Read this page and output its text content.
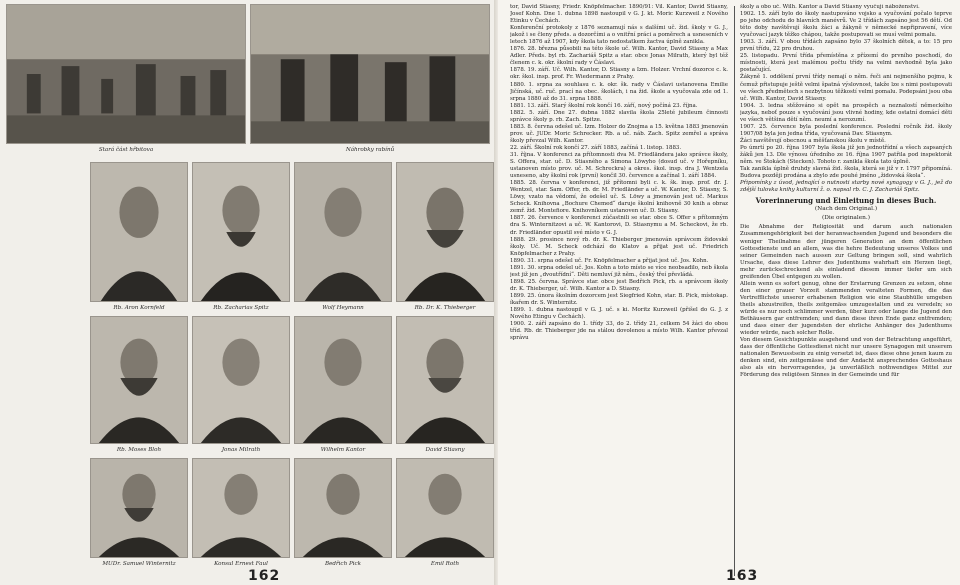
Stará část hřbitova	Náhrobky rabínů
Rb. Aron Kornfeld	Rb. Zacharias Spitz	Wolf Heymann	Rb. Dr. K. Thieberger
Rb. Moses Bloh	Jonas Milrath	Wilhelm Kantor	David Stiasny
MUDr. Samuel Winternitz	Konsul Ernest Faul	Bedřich Pick	Emil Roth
162

tor, David Stiasny, Friedr. Knöpfelmacher. 1890/91: Vil. Kantor, David Stiasny, Josef Kohn. Dne 1. dubna 1898 nastoupil v G. J. kt. Moric Kurzweil z Nového Etinku v Čechách.

Konferenční protokoly z 1876 seznamují nás s dalšími uč. žid. školy v G. J., jakož i se členy předs. a dozorčími a o vnitřní práci a poměrech a usneseních v letech 1876 až 1907, kdy škola tato nedostatkem žactva úplně zanikla.

1876. 28. března působili na této škole uč. Wilh. Kantor, David Stiasny a Max Adler. Předs. byl rb. Zachariáš Spitz a star. obce Jonas Milrath, který byl též členem c. k. okr. školní rady v Čáslavi.

1878. 19. září. Uč. Wilh. Kantor, D. Stiasny a Izm. Holzer. Vrchní dozorce c. k. okr. škol. insp. prof. Fr. Wiedermann z Prahy.

1880. 1. srpna za souhlasu c. k. okr. šk. rady v Čáslavi ustanovena Emilie Jičínská, uč. ruč. prací na obec. školách, i na žid. škole a vyučovala zde od 1. srpna 1880 až do 31. srpna 1888.

1881. 13. září. Starý školní rok končí 16. září, nový počíná 23. října.

1882. 5. září. Dne 27. dubna 1882 slavila škola 25leté jubileum činnosti správce školy p. rb. Zach. Spitze.

1883. 8. června odešel uč. Izm. Holzer do Znojma a 15. května 1883 jmenován prov. uč. JUDr. Moric Schrecker. Rb. a uč. náb. Zach. Spitz zemřel a správa školy převzal Wilh. Kantor.

22. září. Školní rok končí 27. září 1883, začíná 1. listop. 1883.

31. října. V konferenci za přítomnosti dva M. Friedländera jako správce školy, S. Offera, star. uč. D. Stiasného a Simona Löwyho (dosud uč. v Hořepníku, ustanoven místo prov. uč. M. Schreckra) a okres. škol. insp. dra J. Wentzela usneseno, aby školní rok (první) končil 30. července a začínal 1. září 1884.

1885. 28. června v konferenci, již přítomni byli c. k. šk. insp. prof. dr. J. Wentzel, star. Sam. Offer, rb. dr. M. Friedländer a uč. W. Kantor, D. Stiasny, S. Löwy, vzato na vědomí, že odešel uč. S. Löwy a jmenován jest uč. Markus Scheck. Knihovna „Bochure Chemed“ daruje školní knihovně 30 knih a obraz zemř. žid. Montefiore. Knihovníkem ustanoven uč. D. Stiasny.

1887. 26. července v konferenci zúčastnili se star. obce S. Offer s přítomným dra S. Winternitzovi a uč. W. Kantorovi, D. Stiasnymu a M. Scheckovi, že rb. dr. Friedländer opustil své místo v G. J.

1888. 29. prosince nový rb. dr. K. Thieberger jmenován správcem židovské školy. Uč. M. Scheck odchází do Klatov a přijat jest uč. Friedrich Knöpfelmacher z Prahy.

1890. 31. srpna odešel uč. Fr. Knöpfelmacher a přijat jest uč. Jos. Kohn.

1891. 30. srpna odešel uč. Jos. Kohn a toto místo se více neobsadilo, neb škola jest již jen „dvoutřídní“. Děti nemluví již něm., český třeí převládá.

1898. 25. června. Správce star. obce jest Bedřich Pick, rb. a správcem školy dr. K. Thieberger, uč. Wilh. Kantor a D. Stiasny.

1899. 25. února školním dozorcem jest Siegfried Kohn, star. B. Pick, místokap. íkařem dr. S. Winternitz.

1899. 1. dubna nastoupil v G. J. uč. s ki. Moritz Kurzweil (přišel do G. J. z Nového Etingu v Čechách).

1900. 2. září zapsáno do 1. třídy 33, do 2. třídy 21, celkem 54 žáci do obou tříd. Rb. dr. Thieberger jde na stálou dovolenou a místo Wilh. Kantor převzal správu

školy a obo uč. Wilh. Kantor a David Stiasny vyučují náboženství.

1902. 15. září bylo do školy nastupováno vojsko a vyučování počalo teprve po jeho odchodu do hlavních manévrů. Ve 2 třídách zapsáno jest 56 dětí. Od této doby navštěvují školu žáci a žákyně v německé nepřipravení, více vyučovací jazyk těžko chápou, takže postupovati se musí velmi pomalu.

1903. 3. září. V obou třídách zapsáno bylo 37 školních dětek, a to: 15 pro první třídu, 22 pro druhou.

25. listopadu. První třída přemístěna z přízemí do prvního poschodí, do místnosti, která jest malémou počtu třídy na velmi nevhodně byla jako postačující.

Žákyně 1. oddělení první třídy nemají o něm. řeči ani nejmenšího pojmu, k čemuž přistupuje ještě velmi špatná výslovnost, takže lze s nimi postupovati ve všech předmětech s nezbytnou těžkostí velmi pomalu. Podepsáni jsou oba uč. Wilh. Kantor, David Stiasny.

1904. 3. ledna stěžováno si opět na prospěch a neznalostí německého jazyka, neboť pouze s vyučování jsou vlivné hodiny, kde ostatní domácí děti ve všech většina dětí něm. neumí a nerozumí.

1907. 25. července byla poslední konference. Poslední ročník žid. školy 1907/08 byla jen jedna třída, vyučovaná Dav. Stiasnym.

Žáci navštěvují obecnou a měšťanskou školu v místě.

Po úmrtí po 20. října 1907 byla škola již jen jednotřídní a všech zapsaných žáků jen 13. Dle výnosu úředního ze 16. října 1907 patřila pod inspektorát něm. ve Štokách (Stecken). Tohoto r. zanikla škola tato úplně.

Tak zanikla úplně druhdy slavná žid. škola, která se již v r. 1797 připomíná. Budova později prodána a zbylo zde pouhé jméno „židovská škola“.

Připomínky z úvod, jednající o nutnosti starby nové synagogy v G. J., jež do zdější tulovka knihy kulturní ž. o. napsal rb. C. J. Zachariáš Spitz.

Vorerinnerung und Einleitung in dieses Buch.
(Nach dem Original.)
(Die originalen.)

Die Abnahme der Religiosität und darum auch nationalen Zusammengehörigkeit bei der heranwachsenden Jugend und besonders die weniger Theilnahme der jüngeren Generation an dem öffentlichen Gottesdienste und an allem, was die hehre Bedeutung unseres Volkes und seiner Gemeinden nach aussen zur Geltung bringen soll, sind wahrlich Ursache, dass diese Lehrer des Judenthums wahrhaft ein Herzen liegt, mehr zurückschreckend als einladend diesem immer tiefer um sich greifenden Übel entgegen zu wollen.

Allein wenn es sofort genug, ohne der Erstarrung Grenzen zu setzen, ohne den einer grauer Vorzeit stammenden veralteten Formen, die das Vertrefflichste unserer erhabenen Religion wie eine Staubhülle umgeben theils abzustreifen, theils zeitgemäss umzugestalten und zu veredeln; so würde es nur noch schlimmer werden, über kurz oder lange die Jugend den Bethäusern gar entfremden; und dann diese ihren Ende ganz entfremden; und dass einer der jugendsten der ehrliche Anhänger des Judenthums wieder würde, nach solcher Rolle.

Von diesem Gesichtspunkte ausgehend und von der Betrachtung angeführt, dass der öffentliche Gottesdienst nicht nur unsere Synagogen mit unserem nationalen Bewusstsein zu einig versetzt ist, dass diese ohne jenen kaum zu denken sind, ein zeitgemässe und der Andacht ansprechendes Gotteshaus also als ein hervorragendes, ja unverläßlich nothwendiges Mittel zur Förderung des religiösen Sinnes in der Gemeinde und für

163
